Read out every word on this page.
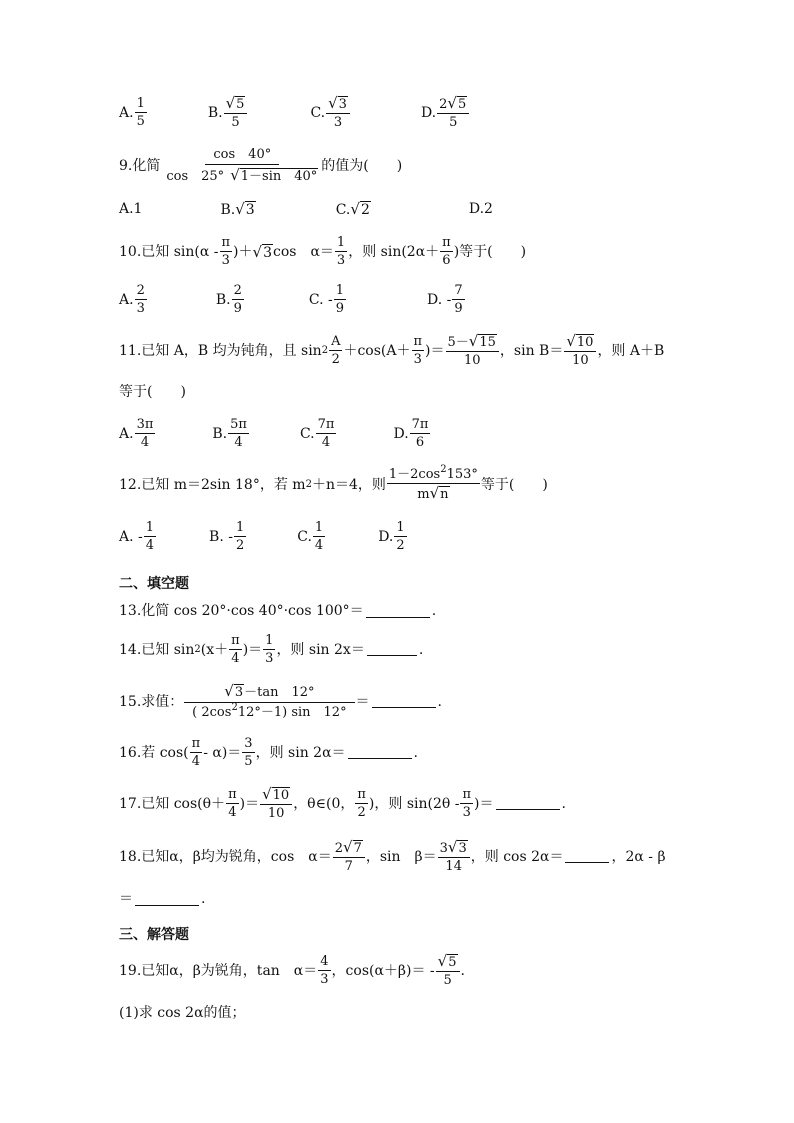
A.
1
5
B.
√ 5
5
C.
√ 3
3
D. 2 √ 5
5
9.化简
cos　40°
cos　25° √ 1－sin　40°
的值为(　　)
A.1	B. √ 3	C. √ 2	D.2
10.已知 sin(α -
π
3
)＋ √ 3 cos　α＝
1
3
，则 sin(2α＋
π
6
)等于(　　)
A.
2
3
B.
2
9
C. -
1
9
D. -
7
9
11.已知 A，B 均为钝角，且 sin 2
A
2
＋cos(A＋
π
3
)＝ 5－ √ 15
10
，sin B＝
√ 10
10
，则 A＋B
等于(　　)
A.
3π
4
B.
5π
4
C.
7π
4
D.
7π
6
12.已知 m＝2sin 18°，若 m 2 ＋n＝4，则
$1-2\cos^2153^\circ$
m √ n
等于(　　)
A. -
1
4
B. -
1
2
C.
1
4
D.
1
2
二、填空题
13.化简 cos 20°·cos 40°·cos 100°＝	.
14.已知 sin 2 (x＋
π
4
)＝
1
3
，则 sin 2x＝	.
15.求值：
√ 3 －tan　12°
( $2\cos^212^\circ-1$) sin　12°
＝	.
16.若 cos(
π
4
- α)＝
3
5
，则 sin 2α＝	.
17.已知 cos(θ＋
π
4
)＝
√ 10
10
，θ∈(0，
π
2
)，则 sin(2θ -
π
3
)＝	.
18.已知α，β均为锐角，cos　α＝ 2 √ 7
7
，sin　β＝ 3 √ 3
14
，则 cos 2α＝	，2α - β
＝	.
三、解答题
19.已知α，β为锐角，tan　α＝
4
3
，cos(α＋β)＝ -
√ 5
5
.
(1)求 cos 2α的值；
